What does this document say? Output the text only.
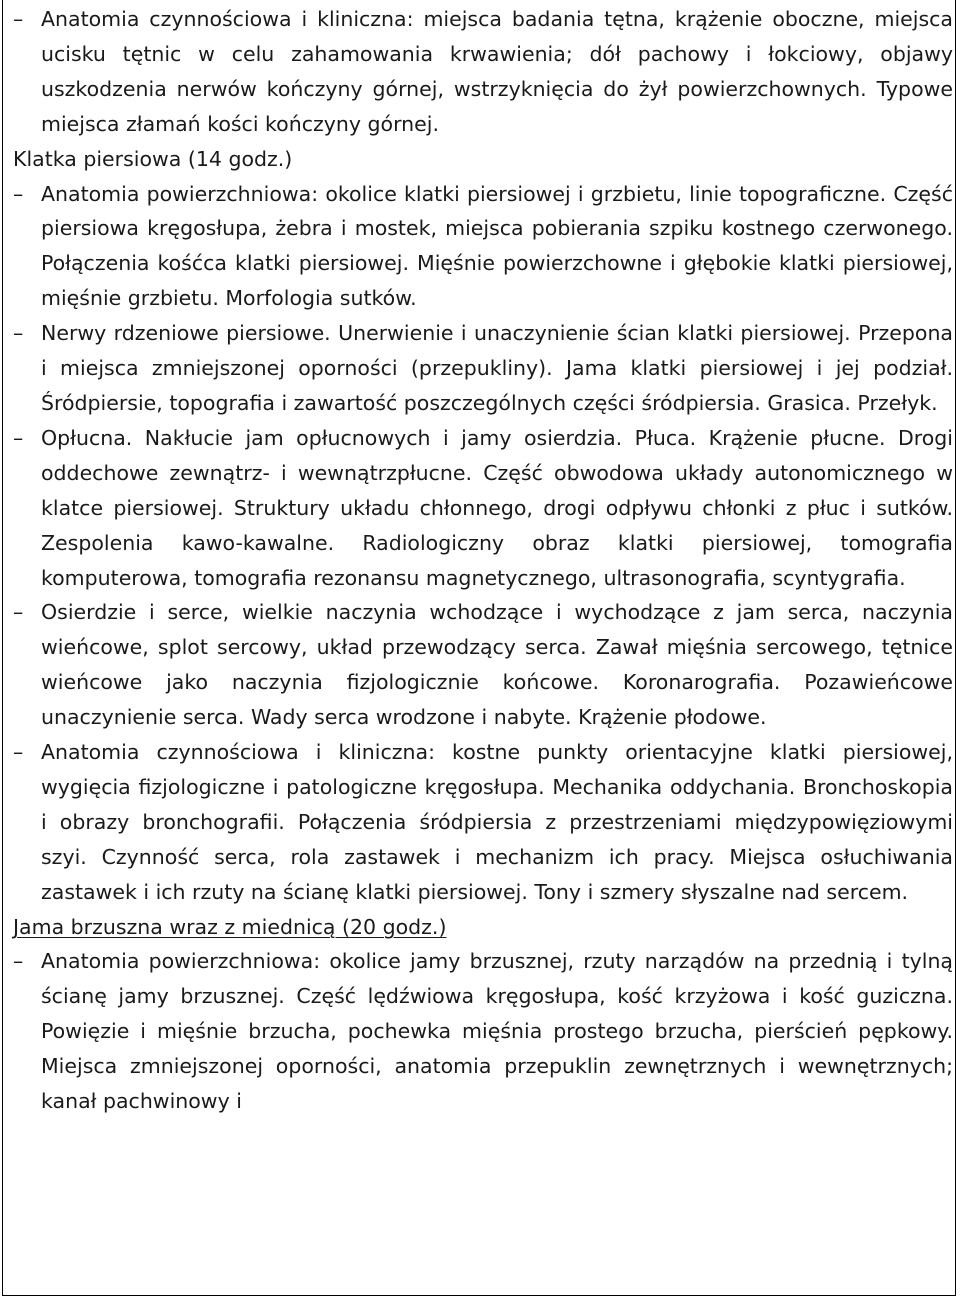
– Anatomia czynnościowa i kliniczna: miejsca badania tętna, krążenie oboczne, miejsca ucisku tętnic w celu zahamowania krwawienia; dół pachowy i łokciowy, objawy uszkodzenia nerwów kończyny górnej, wstrzyknięcia do żył powierzchownych. Typowe miejsca złamań kości kończyny górnej.

Klatka piersiowa (14 godz.)

– Anatomia powierzchniowa: okolice klatki piersiowej i grzbietu, linie topograficzne. Część piersiowa kręgosłupa, żebra i mostek, miejsca pobierania szpiku kostnego czerwonego. Połączenia kośćca klatki piersiowej. Mięśnie powierzchowne i głębokie klatki piersiowej, mięśnie grzbietu. Morfologia sutków.

– Nerwy rdzeniowe piersiowe. Unerwienie i unaczynienie ścian klatki piersiowej. Przepona i miejsca zmniejszonej oporności (przepukliny). Jama klatki piersiowej i jej podział. Śródpiersie, topografia i zawartość poszczególnych części śródpiersia. Grasica. Przełyk.

– Opłucna. Nakłucie jam opłucnowych i jamy osierdzia. Płuca. Krążenie płucne. Drogi oddechowe zewnątrz- i wewnątrzpłucne. Część obwodowa układy autonomicznego w klatce piersiowej. Struktury układu chłonnego, drogi odpływu chłonki z płuc i sutków. Zespolenia kawo-kawalne. Radiologiczny obraz klatki piersiowej, tomografia komputerowa, tomografia rezonansu magnetycznego, ultrasonografia, scyntygrafia.

– Osierdzie i serce, wielkie naczynia wchodzące i wychodzące z jam serca, naczynia wieńcowe, splot sercowy, układ przewodzący serca. Zawał mięśnia sercowego, tętnice wieńcowe jako naczynia fizjologicznie końcowe. Koronarografia. Pozawieńcowe unaczynienie serca. Wady serca wrodzone i nabyte. Krążenie płodowe.

– Anatomia czynnościowa i kliniczna: kostne punkty orientacyjne klatki piersiowej, wygięcia fizjologiczne i patologiczne kręgosłupa. Mechanika oddychania. Bronchoskopia i obrazy bronchografii. Połączenia śródpiersia z przestrzeniami międzypowięziowymi szyi. Czynność serca, rola zastawek i mechanizm ich pracy. Miejsca osłuchiwania zastawek i ich rzuty na ścianę klatki piersiowej. Tony i szmery słyszalne nad sercem.

Jama brzuszna wraz z miednicą (20 godz.)

– Anatomia powierzchniowa: okolice jamy brzusznej, rzuty narządów na przednią i tylną ścianę jamy brzusznej. Część lędźwiowa kręgosłupa, kość krzyżowa i kość guziczna. Powięzie i mięśnie brzucha, pochewka mięśnia prostego brzucha, pierścień pępkowy. Miejsca zmniejszonej oporności, anatomia przepuklin zewnętrznych i wewnętrznych; kanał pachwinowy i
